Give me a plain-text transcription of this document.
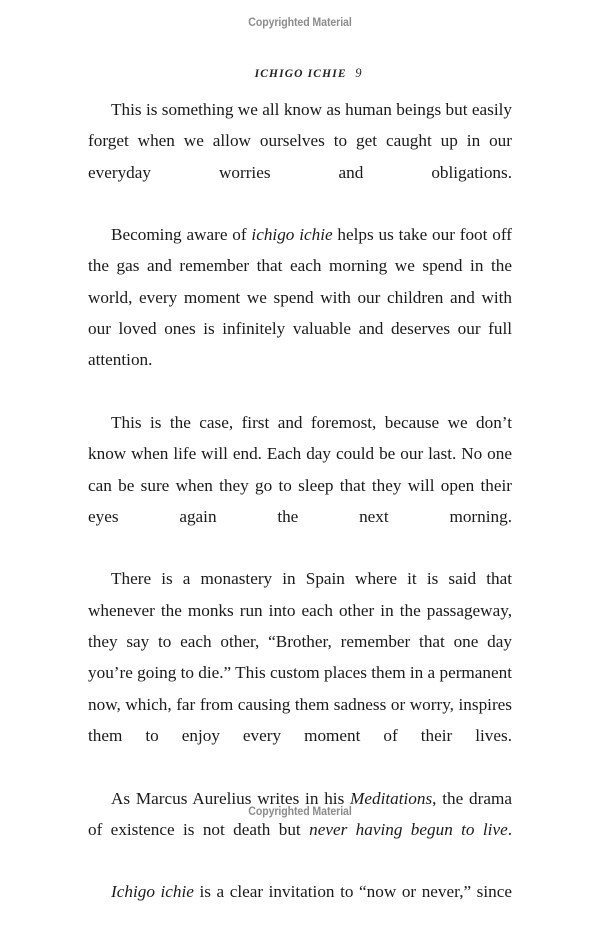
Copyrighted Material

ICHIGO ICHIE 9

This is something we all know as human beings but easily forget when we allow ourselves to get caught up in our everyday worries and obligations.

Becoming aware of ichigo ichie helps us take our foot off the gas and remember that each morning we spend in the world, every moment we spend with our children and with our loved ones is infinitely valuable and deserves our full attention.

This is the case, first and foremost, because we don’t know when life will end. Each day could be our last. No one can be sure when they go to sleep that they will open their eyes again the next morning.

There is a monastery in Spain where it is said that whenever the monks run into each other in the passageway, they say to each other, “Brother, remember that one day you’re going to die.” This custom places them in a permanent now, which, far from causing them sadness or worry, inspires them to enjoy every moment of their lives.

As Marcus Aurelius writes in his Meditations, the drama of existence is not death but never having begun to live.

Ichigo ichie is a clear invitation to “now or never,” since

Copyrighted Material
